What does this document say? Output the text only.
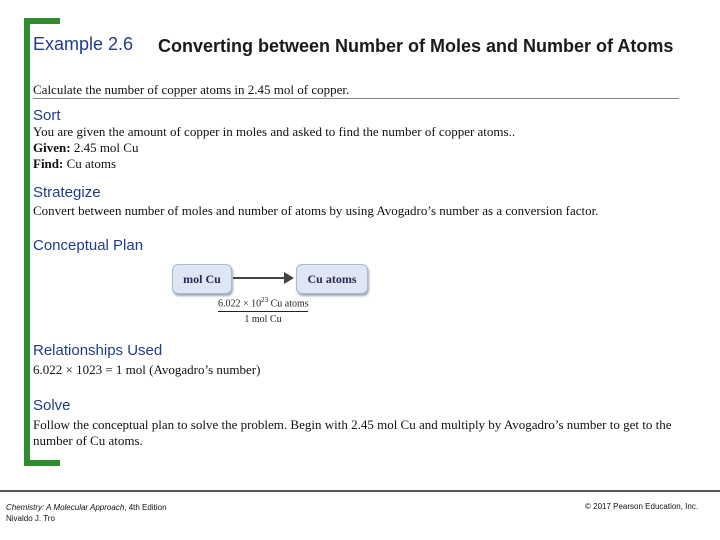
Example 2.6 Converting between Number of Moles and Number of Atoms
Calculate the number of copper atoms in 2.45 mol of copper.
Sort
You are given the amount of copper in moles and asked to find the number of copper atoms..
Given: 2.45 mol Cu
Find: Cu atoms
Strategize
Convert between number of moles and number of atoms by using Avogadro’s number as a conversion factor.
Conceptual Plan
mol Cu	Cu atoms
$6.022 \times 10^{23}$ Cu atoms
1 mol Cu
Relationships Used
6.022 × 1023 = 1 mol (Avogadro’s number)
Solve
Follow the conceptual plan to solve the problem. Begin with 2.45 mol Cu and multiply by Avogadro’s number to get to the number of Cu atoms.
Chemistry: A Molecular Approach, 4th Edition
Nivaldo J. Tro
© 2017 Pearson Education, Inc.
